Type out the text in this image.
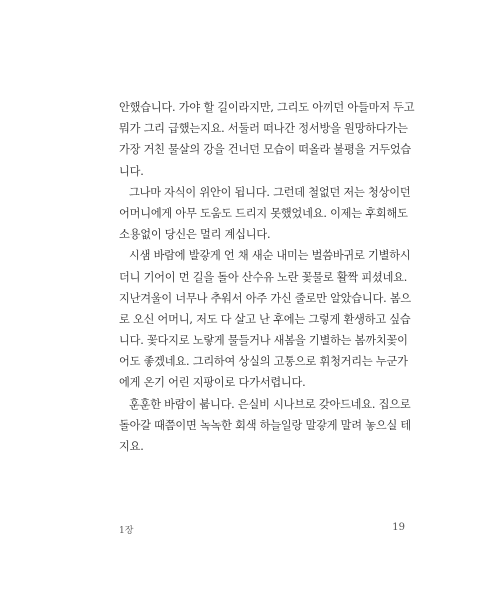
안했습니다. 가야 할 길이라지만, 그리도 아끼던 아들마저 두고
뭐가 그리 급했는지요. 서둘러 떠나간 정서방을 원망하다가는
가장 거친 물살의 강을 건너던 모습이 떠올라 불평을 거두었습
니다.
그나마 자식이 위안이 됩니다. 그런데 철없던 저는 청상이던
어머니에게 아무 도움도 드리지 못했었네요. 이제는 후회해도
소용없이 당신은 멀리 계십니다.
시샘 바람에 발갛게 언 채 새순 내미는 벌씀바귀로 기별하시
더니 기어이 먼 길을 돌아 산수유 노란 꽃물로 활짝 피셨네요.
지난겨울이 너무나 추워서 아주 가신 줄로만 알았습니다. 봄으
로 오신 어머니, 저도 다 살고 난 후에는 그렇게 환생하고 싶습
니다. 꽃다지로 노랗게 물들거나 새봄을 기별하는 봄까치꽃이
어도 좋겠네요. 그리하여 상실의 고통으로 휘청거리는 누군가
에게 온기 어린 지팡이로 다가서렵니다.
훈훈한 바람이 붑니다. 은실비 시나브로 갖아드네요. 집으로
돌아갈 때쯤이면 녹녹한 회색 하늘일랑 말갛게 말려 놓으실 테
지요.
1장	19
